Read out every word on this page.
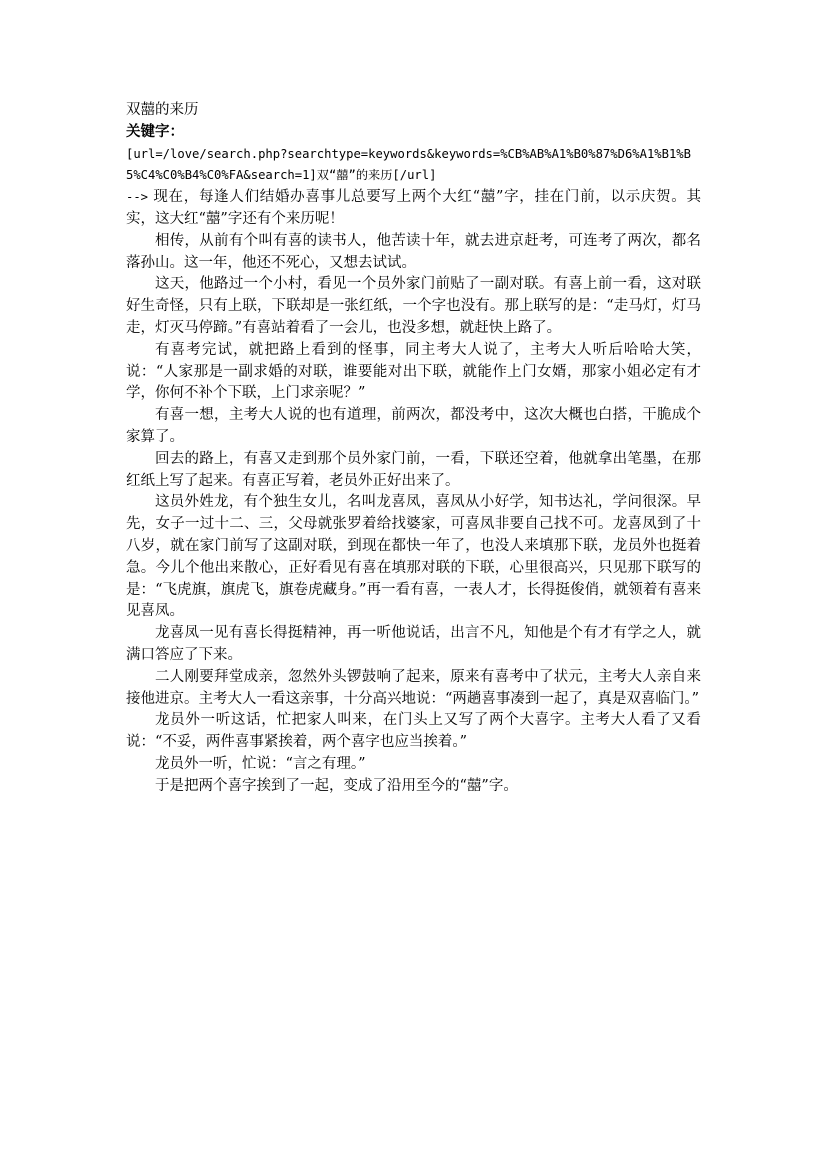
双囍的来历

关键字：

[url=/love/search.php?searchtype=keywords&keywords=%CB%AB%A1%B0%87%D6%A1%B1%B5%C4%C0%B4%C0%FA&search=1]双“囍”的来历[/url]

--> 现在，每逢人们结婚办喜事儿总要写上两个大红“囍”字，挂在门前，以示庆贺。其实，这大红“囍”字还有个来历呢！

相传，从前有个叫有喜的读书人，他苦读十年，就去进京赶考，可连考了两次，都名落孙山。这一年，他还不死心，又想去试试。

这天，他路过一个小村，看见一个员外家门前贴了一副对联。有喜上前一看，这对联好生奇怪，只有上联，下联却是一张红纸，一个字也没有。那上联写的是：“走马灯，灯马走，灯灭马停蹄。”有喜站着看了一会儿，也没多想，就赶快上路了。

有喜考完试，就把路上看到的怪事，同主考大人说了，主考大人听后哈哈大笑，说：“人家那是一副求婚的对联，谁要能对出下联，就能作上门女婿，那家小姐必定有才学，你何不补个下联，上门求亲呢？”

有喜一想，主考大人说的也有道理，前两次，都没考中，这次大概也白搭，干脆成个家算了。

回去的路上，有喜又走到那个员外家门前，一看，下联还空着，他就拿出笔墨，在那红纸上写了起来。有喜正写着，老员外正好出来了。

这员外姓龙，有个独生女儿，名叫龙喜凤，喜凤从小好学，知书达礼，学问很深。早先，女子一过十二、三，父母就张罗着给找婆家，可喜凤非要自己找不可。龙喜凤到了十八岁，就在家门前写了这副对联，到现在都快一年了，也没人来填那下联，龙员外也挺着急。今儿个他出来散心，正好看见有喜在填那对联的下联，心里很高兴，只见那下联写的是：“飞虎旗，旗虎飞，旗卷虎藏身。”再一看有喜，一表人才，长得挺俊俏，就领着有喜来见喜凤。

龙喜凤一见有喜长得挺精神，再一听他说话，出言不凡，知他是个有才有学之人，就满口答应了下来。

二人刚要拜堂成亲，忽然外头锣鼓响了起来，原来有喜考中了状元，主考大人亲自来接他进京。主考大人一看这亲事，十分高兴地说：“两趟喜事凑到一起了，真是双喜临门。”

龙员外一听这话，忙把家人叫来，在门头上又写了两个大喜字。主考大人看了又看说：“不妥，两件喜事紧挨着，两个喜字也应当挨着。”

龙员外一听，忙说：“言之有理。”

于是把两个喜字挨到了一起，变成了沿用至今的“囍”字。
